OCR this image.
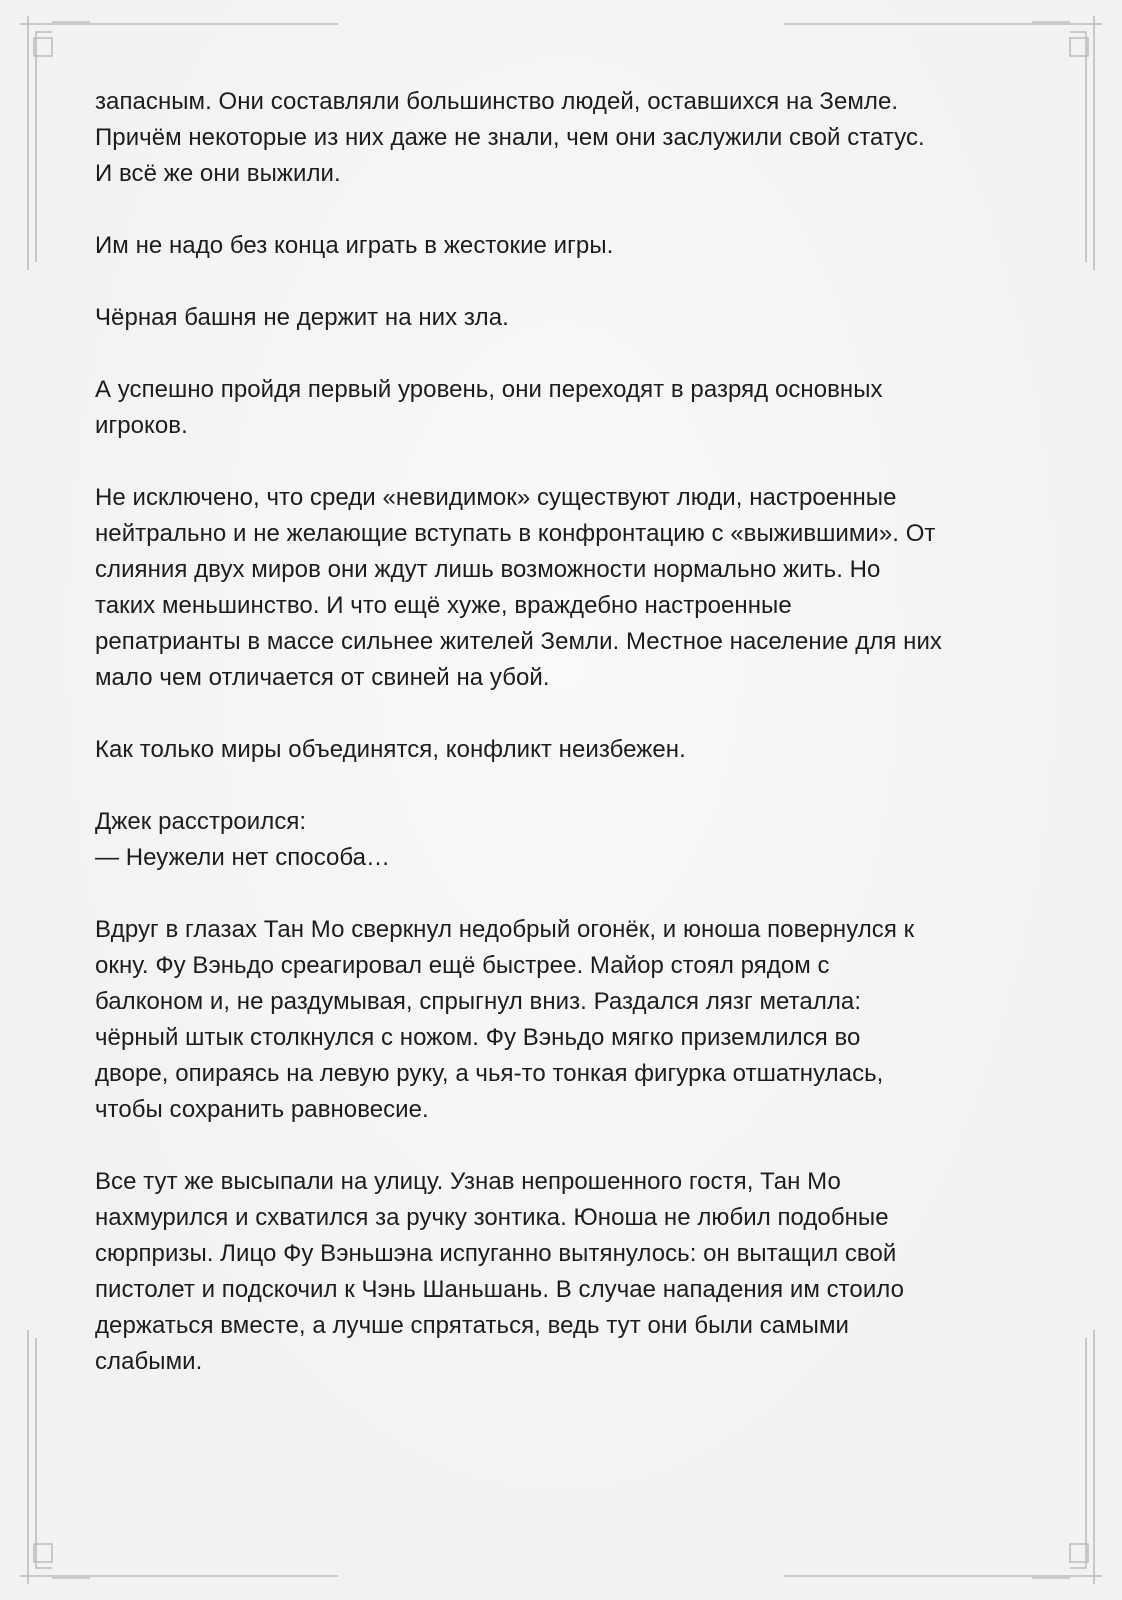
запасным. Они составляли большинство людей, оставшихся на Земле.
Причём некоторые из них даже не знали, чем они заслужили свой статус.
И всё же они выжили.

Им не надо без конца играть в жестокие игры.

Чёрная башня не держит на них зла.

А успешно пройдя первый уровень, они переходят в разряд основных
игроков.

Не исключено, что среди «невидимок» существуют люди, настроенные
нейтрально и не желающие вступать в конфронтацию с «выжившими». От
слияния двух миров они ждут лишь возможности нормально жить. Но
таких меньшинство. И что ещё хуже, враждебно настроенные
репатрианты в массе сильнее жителей Земли. Местное население для них
мало чем отличается от свиней на убой.

Как только миры объединятся, конфликт неизбежен.

Джек расстроился:
— Неужели нет способа…

Вдруг в глазах Тан Мо сверкнул недобрый огонёк, и юноша повернулся к
окну. Фу Вэньдо среагировал ещё быстрее. Майор стоял рядом с
балконом и, не раздумывая, спрыгнул вниз. Раздался лязг металла:
чёрный штык столкнулся с ножом. Фу Вэньдо мягко приземлился во
дворе, опираясь на левую руку, а чья-то тонкая фигурка отшатнулась,
чтобы сохранить равновесие.

Все тут же высыпали на улицу. Узнав непрошенного гостя, Тан Мо
нахмурился и схватился за ручку зонтика. Юноша не любил подобные
сюрпризы. Лицо Фу Вэньшэна испуганно вытянулось: он вытащил свой
пистолет и подскочил к Чэнь Шаньшань. В случае нападения им стоило
держаться вместе, а лучше спрятаться, ведь тут они были самыми
слабыми.
